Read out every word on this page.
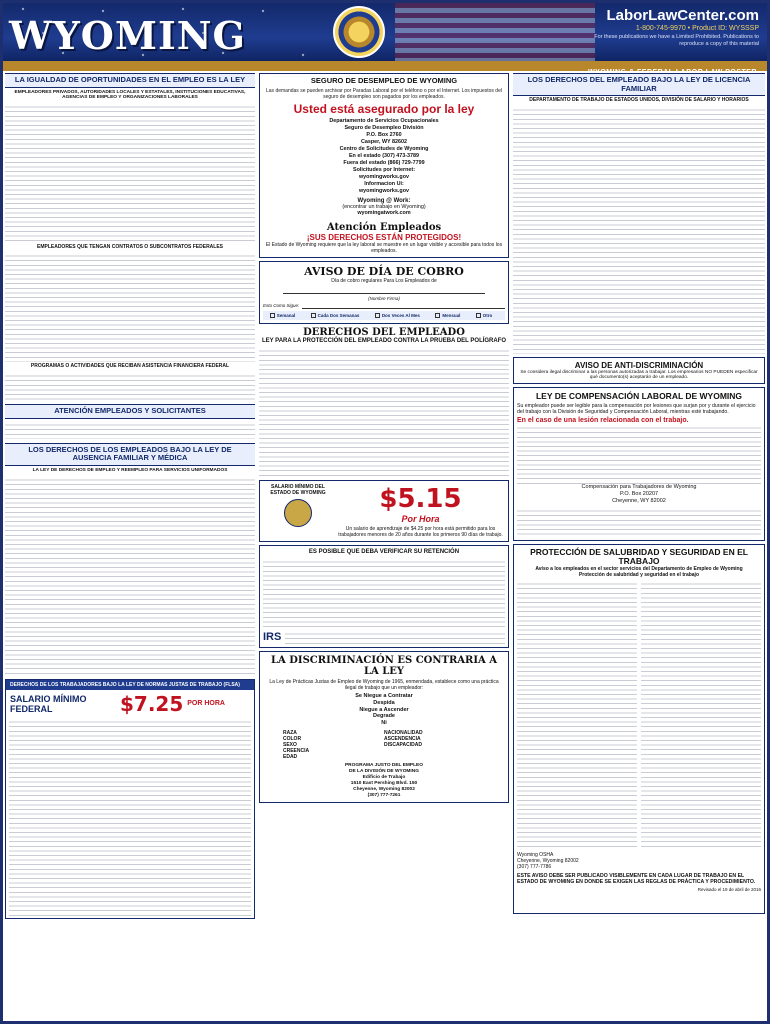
WYOMING	LaborLawCenter.com
1-800-745-9970 • Product ID: WYSSSP
For these publications we have a Limited Prohibited. Publications to reproduce a copy of this material
LA IGUALDAD DE OPORTUNIDADES EN EL EMPLEO ES LA LEY
EMPLEADORES PRIVADOS, AUTORIDADES LOCALES Y ESTATALES, INSTITUCIONES EDUCATIVAS, AGENCIAS DE EMPLEO Y ORGANIZACIONES LABORALES
EMPLEADORES QUE TENGAN CONTRATOS O SUBCONTRATOS FEDERALES
PROGRAMAS O ACTIVIDADES QUE RECIBAN ASISTENCIA FINANCIERA FEDERAL
ATENCIÓN EMPLEADOS Y SOLICITANTES
LOS DERECHOS DE LOS EMPLEADOS BAJO LA LEY DE AUSENCIA FAMILIAR Y MÉDICA
LA LEY DE DERECHOS DE EMPLEO Y REEMPLEO PARA SERVICIOS UNIFORMADOS
DERECHOS DE LOS TRABAJADORES BAJO LA LEY DE NORMAS JUSTAS DE TRABAJO (FLSA)
SALARIO MÍNIMO FEDERAL	$7.25 POR HORA
SEGURO DE DESEMPLEO DE WYOMING
Las demandas se pueden archivar por Paradas Laboral por el teléfono o por el Internet. Los impuestos del seguro de desempleo son pagados por los empleados.
Usted está asegurado por la ley
Departamento de Servicios Ocupacionales
Seguro de Desempleo División
P.O. Box 2760
Casper, WY 82602
Centro de Solicitudes de Wyoming
En el estado (307) 473-3789
Fuera del estado (866) 729-7799
Solicitudes por Internet:
wyomingworks.gov
Informacion Ui:
wyomingworks.gov
Wyoming @ Work:
(encontrar un trabajo en Wyoming)
wyomingatwork.com
Atención Empleados
¡SUS DERECHOS ESTÁN PROTEGIDOS!
El Estado de Wyoming requiere que la ley laboral se muestre en un lugar visible y accesible para todos los empleados.
AVISO DE DÍA DE COBRO
Día de cobro regulares Para Los Empleados de
(Nombre Firma)
Esto Como Sigue:
Semanal	Cada Dos Semanas	Dos Veces Al Mes	Mensual	Otro
DERECHOS DEL EMPLEADO
LEY PARA LA PROTECCIÓN DEL EMPLEADO CONTRA LA PRUEBA DEL POLÍGRAFO
SALARIO MÍNIMO DEL ESTADO DE WYOMING	$5.15
Por Hora
Un salario de aprendizaje de $4.25 por hora está permitido para los trabajadores menores de 20 años durante los primeros 90 días de trabajo.
ES POSIBLE QUE DEBA VERIFICAR SU RETENCIÓN
IRS
LA DISCRIMINACIÓN ES CONTRARIA A LA LEY
La Ley de Prácticas Justas de Empleo de Wyoming de 1965, enmendada, establece como una práctica ilegal de trabajo que un empleador:
Se Niegue a Contratar
Despida
Niegue a Ascender
Degrade
Ni
RAZA	NACIONALIDAD
COLOR	ASCENDENCIA
SEXO	DISCAPACIDAD
CREENCIA
EDAD
PROGRAMA JUSTO DEL EMPLEO
DE LA DIVISIÓN DE WYOMING
Edificio de Trabajo
1510 East Pershing Blvd. 150
Cheyenne, Wyoming 82002
(307) 777-7261
LOS DERECHOS DEL EMPLEADO BAJO LA LEY DE LICENCIA FAMILIAR
DEPARTAMENTO DE TRABAJO DE ESTADOS UNIDOS, DIVISIÓN DE SALARIO Y HORARIOS
AVISO DE ANTI-DISCRIMINACIÓN
Se considera ilegal discriminar a las personas autorizadas a trabajar. Los empresarios NO PUEDEN especificar qué documento(s) aceptarán de un empleado.
LEY DE COMPENSACIÓN LABORAL DE WYOMING
Su empleador puede ser legible para la compensación por lesiones que surjan por y durante el ejercicio del trabajo con la División de Seguridad y Compensación Laboral, mientras esté trabajando.
En el caso de una lesión relacionada con el trabajo.
Compensación para Trabajadores de Wyoming
P.O. Box 20207
Cheyenne, WY 82002
PROTECCIÓN DE SALUBRIDAD Y SEGURIDAD EN EL TRABAJO
Aviso a los empleados en el sector servicios del Departamento de Empleo de Wyoming
Protección de salubridad y seguridad en el trabajo
Wyoming OSHA
Cheyenne, Wyoming 82002
(307) 777-7786
ESTE AVISO DEBE SER PUBLICADO VISIBLEMENTE EN CADA LUGAR DE TRABAJO EN EL ESTADO DE WYOMING EN DONDE SE EXIGEN LAS REGLAS DE PRÁCTICA Y PROCEDIMIENTO.
Revisado el 19 de abril de 2016
